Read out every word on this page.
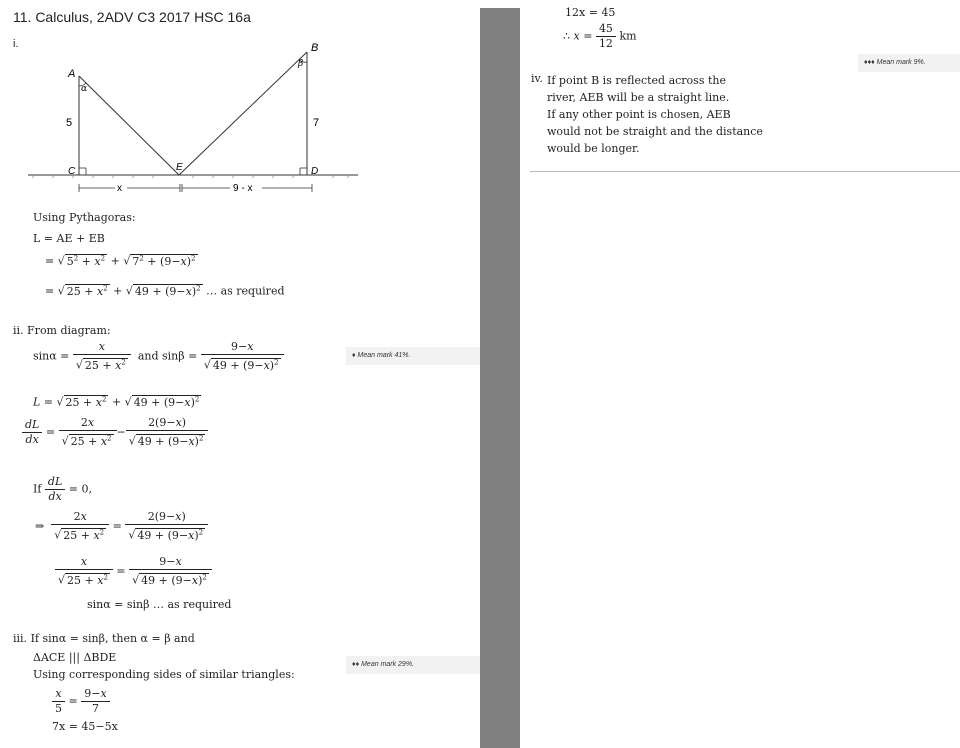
11. Calculus, 2ADV C3 2017 HSC 16a
i.
A
B
C	D
E
α
β
5	7
x	9 - x
Using Pythagoras:
L = AE + EB
= √ $5^2 + x^2$ + √ $7^2 + (9-x)^2$
= √ $25 + x^2$ + √ $49 + (9-x)^2$ … as required
ii. From diagram:
$\sin\alpha = \frac{x}{√ 25 + x^2}$ and $\sin\beta = \frac{9-x}{√ 49 + (9-x)^2}$	♦ Mean mark 41%.
L = √ $25 + x^2$ + √ $49 + (9-x)^2$
$\frac{dL}{dx} = \frac{2x}{√ 25 + x^2} - \frac{2(9-x)}{√ 49 + (9-x)^2}$
If $\frac{dL}{dx} = 0$,
⇒ $\frac{2x}{√ 25 + x^2} = \frac{2(9-x)}{√ 49 + (9-x)^2}$
$\frac{x}{√ 25 + x^2} = \frac{9-x}{√ 49 + (9-x)^2}$
sinα = sinβ … as required
iii. If sinα = sinβ, then α = β and
ΔACE ||| ΔBDE
♦♦ Mean mark 29%.
Using corresponding sides of similar triangles:
$\frac{x}{5} = \frac{9-x}{7}$
7x = 45−5x
12x = 45
∴ $x = \frac{45}{12}$ km
♦♦♦ Mean mark 9%.
iv. If point B is reflected across the
river, AEB will be a straight line.
If any other point is chosen, AEB
would not be straight and the distance
would be longer.
